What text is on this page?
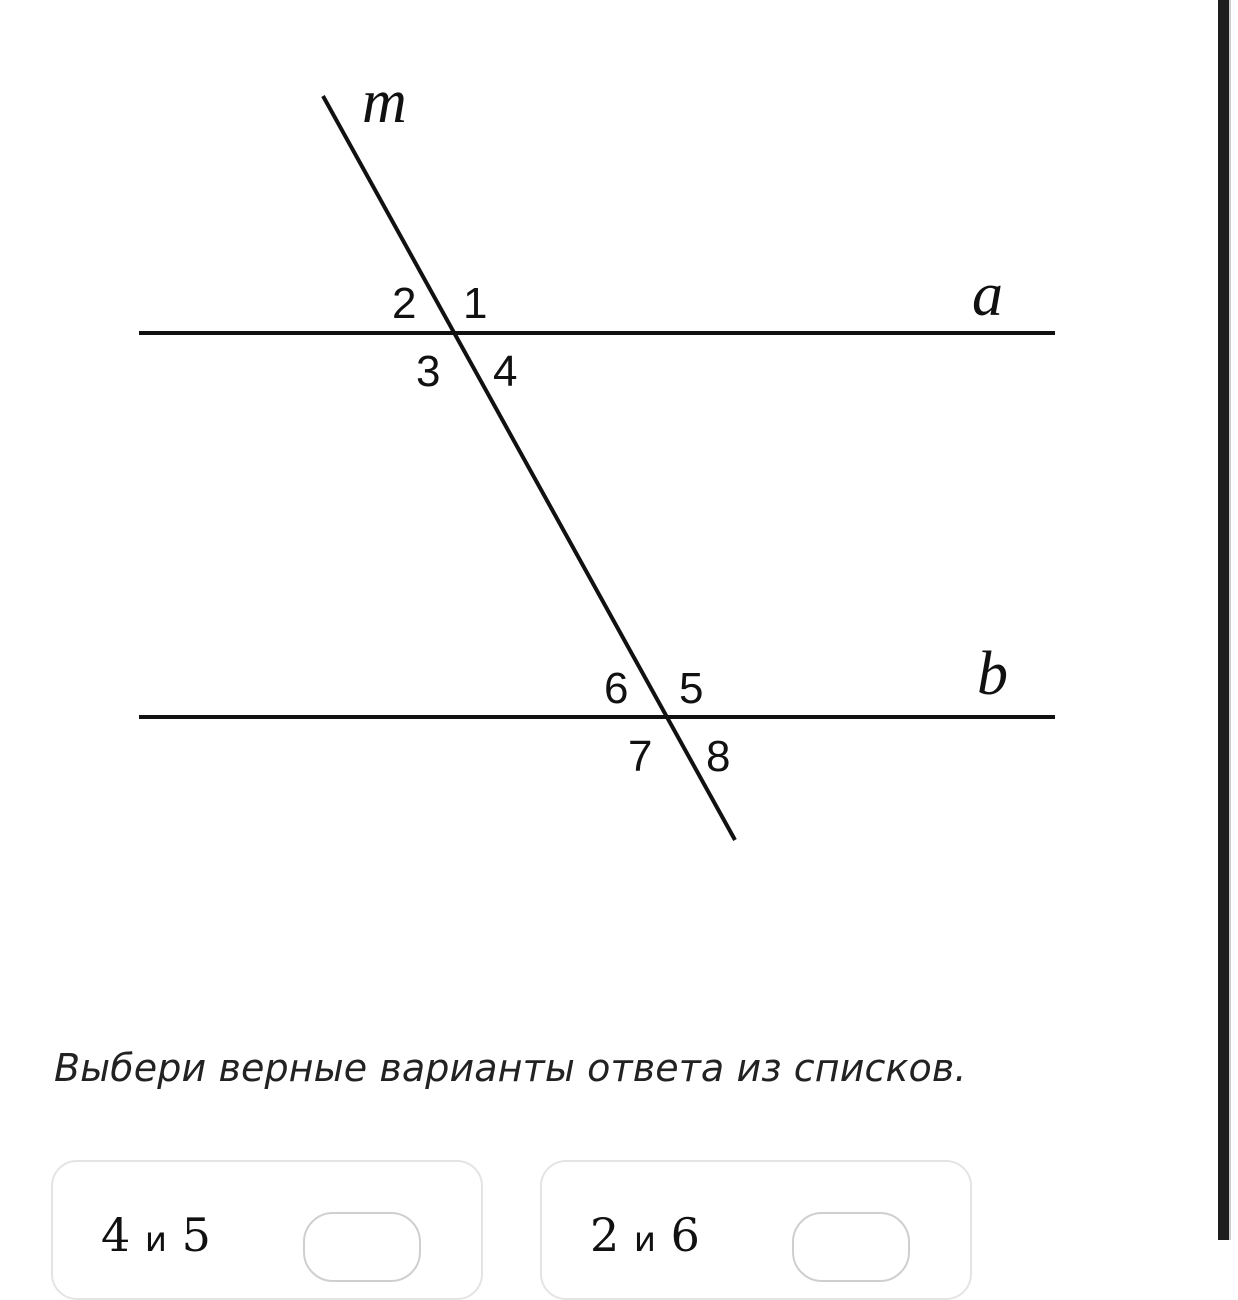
m
a
b
1
2
3 4
5
6
7 8

Выбери верные варианты ответа из списков.

4 и 5	2 и 6
